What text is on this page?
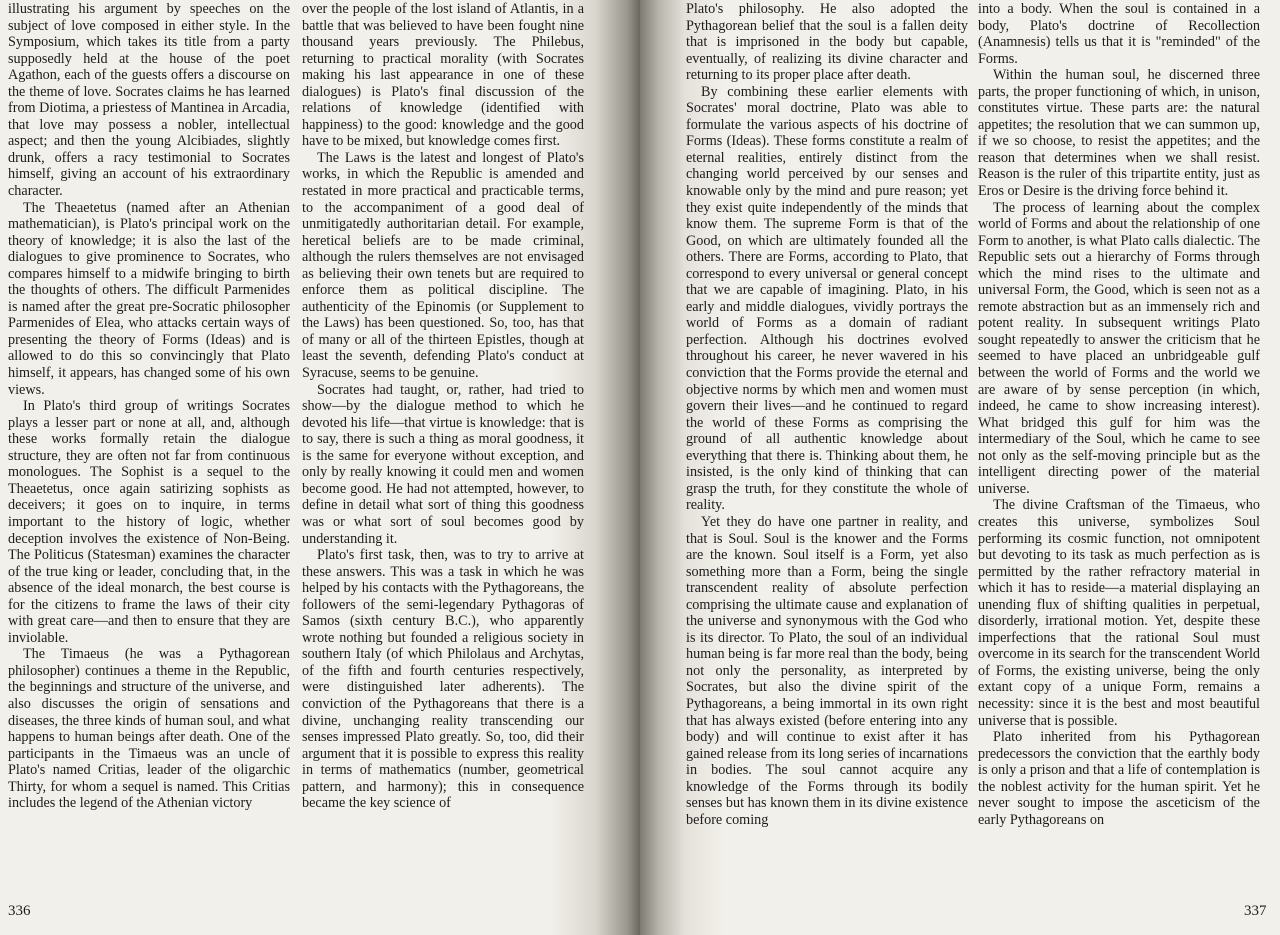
illustrating his argument by speeches on the subject of love composed in either style. In the Symposium, which takes its title from a party supposedly held at the house of the poet Agathon, each of the guests offers a discourse on the theme of love. Socrates claims he has learned from Diotima, a priestess of Mantinea in Arcadia, that love may possess a nobler, intellectual aspect; and then the young Alcibiades, slightly drunk, offers a racy testimonial to Socrates himself, giving an account of his extraordinary character.

The Theaetetus (named after an Athenian mathematician), is Plato's principal work on the theory of knowledge; it is also the last of the dialogues to give prominence to Socrates, who compares himself to a midwife bringing to birth the thoughts of others. The difficult Parmenides is named after the great pre-Socratic philosopher Parmenides of Elea, who attacks certain ways of presenting the theory of Forms (Ideas) and is allowed to do this so convincingly that Plato himself, it appears, has changed some of his own views.

In Plato's third group of writings Socrates plays a lesser part or none at all, and, although these works formally retain the dialogue structure, they are often not far from continuous monologues. The Sophist is a sequel to the Theaetetus, once again satirizing sophists as deceivers; it goes on to inquire, in terms important to the history of logic, whether deception involves the existence of Non-Being. The Politicus (Statesman) examines the character of the true king or leader, concluding that, in the absence of the ideal monarch, the best course is for the citizens to frame the laws of their city with great care—and then to ensure that they are inviolable.

The Timaeus (he was a Pythagorean philosopher) continues a theme in the Republic, the beginnings and structure of the universe, and also discusses the origin of sensations and diseases, the three kinds of human soul, and what happens to human beings after death. One of the participants in the Timaeus was an uncle of Plato's named Critias, leader of the oligarchic Thirty, for whom a sequel is named. This Critias includes the legend of the Athenian victory

over the people of the lost island of Atlantis, in a battle that was believed to have been fought nine thousand years previously. The Philebus, returning to practical morality (with Socrates making his last appearance in one of these dialogues) is Plato's final discussion of the relations of knowledge (identified with happiness) to the good: knowledge and the good have to be mixed, but knowledge comes first.

The Laws is the latest and longest of Plato's works, in which the Republic is amended and restated in more practical and practicable terms, to the accompaniment of a good deal of unmitigatedly authoritarian detail. For example, heretical beliefs are to be made criminal, although the rulers themselves are not envisaged as believing their own tenets but are required to enforce them as political discipline. The authenticity of the Epinomis (or Supplement to the Laws) has been questioned. So, too, has that of many or all of the thirteen Epistles, though at least the seventh, defending Plato's conduct at Syracuse, seems to be genuine.

Socrates had taught, or, rather, had tried to show—by the dialogue method to which he devoted his life—that virtue is knowledge: that is to say, there is such a thing as moral goodness, it is the same for everyone without exception, and only by really knowing it could men and women become good. He had not attempted, however, to define in detail what sort of thing this goodness was or what sort of soul becomes good by understanding it.

Plato's first task, then, was to try to arrive at these answers. This was a task in which he was helped by his contacts with the Pythagoreans, the followers of the semi-legendary Pythagoras of Samos (sixth century B.C.), who apparently wrote nothing but founded a religious society in southern Italy (of which Philolaus and Archytas, of the fifth and fourth centuries respectively, were distinguished later adherents). The conviction of the Pythagoreans that there is a divine, unchanging reality transcending our senses impressed Plato greatly. So, too, did their argument that it is possible to express this reality in terms of mathematics (number, geometrical pattern, and harmony); this in consequence became the key science of

336

Plato's philosophy. He also adopted the Pythagorean belief that the soul is a fallen deity that is imprisoned in the body but capable, eventually, of realizing its divine character and returning to its proper place after death.

By combining these earlier elements with Socrates' moral doctrine, Plato was able to formulate the various aspects of his doctrine of Forms (Ideas). These forms constitute a realm of eternal realities, entirely distinct from the changing world perceived by our senses and knowable only by the mind and pure reason; yet they exist quite independently of the minds that know them. The supreme Form is that of the Good, on which are ultimately founded all the others. There are Forms, according to Plato, that correspond to every universal or general concept that we are capable of imagining. Plato, in his early and middle dialogues, vividly portrays the world of Forms as a domain of radiant perfection. Although his doctrines evolved throughout his career, he never wavered in his conviction that the Forms provide the eternal and objective norms by which men and women must govern their lives—and he continued to regard the world of these Forms as comprising the ground of all authentic knowledge about everything that there is. Thinking about them, he insisted, is the only kind of thinking that can grasp the truth, for they constitute the whole of reality.

Yet they do have one partner in reality, and that is Soul. Soul is the knower and the Forms are the known. Soul itself is a Form, yet also something more than a Form, being the single transcendent reality of absolute perfection comprising the ultimate cause and explanation of the universe and synonymous with the God who is its director. To Plato, the soul of an individual human being is far more real than the body, being not only the personality, as interpreted by Socrates, but also the divine spirit of the Pythagoreans, a being immortal in its own right that has always existed (before entering into any body) and will continue to exist after it has gained release from its long series of incarnations in bodies. The soul cannot acquire any knowledge of the Forms through its bodily senses but has known them in its divine existence before coming

into a body. When the soul is contained in a body, Plato's doctrine of Recollection (Anamnesis) tells us that it is "reminded" of the Forms.

Within the human soul, he discerned three parts, the proper functioning of which, in unison, constitutes virtue. These parts are: the natural appetites; the resolution that we can summon up, if we so choose, to resist the appetites; and the reason that determines when we shall resist. Reason is the ruler of this tripartite entity, just as Eros or Desire is the driving force behind it.

The process of learning about the complex world of Forms and about the relationship of one Form to another, is what Plato calls dialectic. The Republic sets out a hierarchy of Forms through which the mind rises to the ultimate and universal Form, the Good, which is seen not as a remote abstraction but as an immensely rich and potent reality. In subsequent writings Plato sought repeatedly to answer the criticism that he seemed to have placed an unbridgeable gulf between the world of Forms and the world we are aware of by sense perception (in which, indeed, he came to show increasing interest). What bridged this gulf for him was the intermediary of the Soul, which he came to see not only as the self-moving principle but as the intelligent directing power of the material universe.

The divine Craftsman of the Timaeus, who creates this universe, symbolizes Soul performing its cosmic function, not omnipotent but devoting to its task as much perfection as is permitted by the rather refractory material in which it has to reside—a material displaying an unending flux of shifting qualities in perpetual, disorderly, irrational motion. Yet, despite these imperfections that the rational Soul must overcome in its search for the transcendent World of Forms, the existing universe, being the only extant copy of a unique Form, remains a necessity: since it is the best and most beautiful universe that is possible.

Plato inherited from his Pythagorean predecessors the conviction that the earthly body is only a prison and that a life of contemplation is the noblest activity for the human spirit. Yet he never sought to impose the asceticism of the early Pythagoreans on

337
